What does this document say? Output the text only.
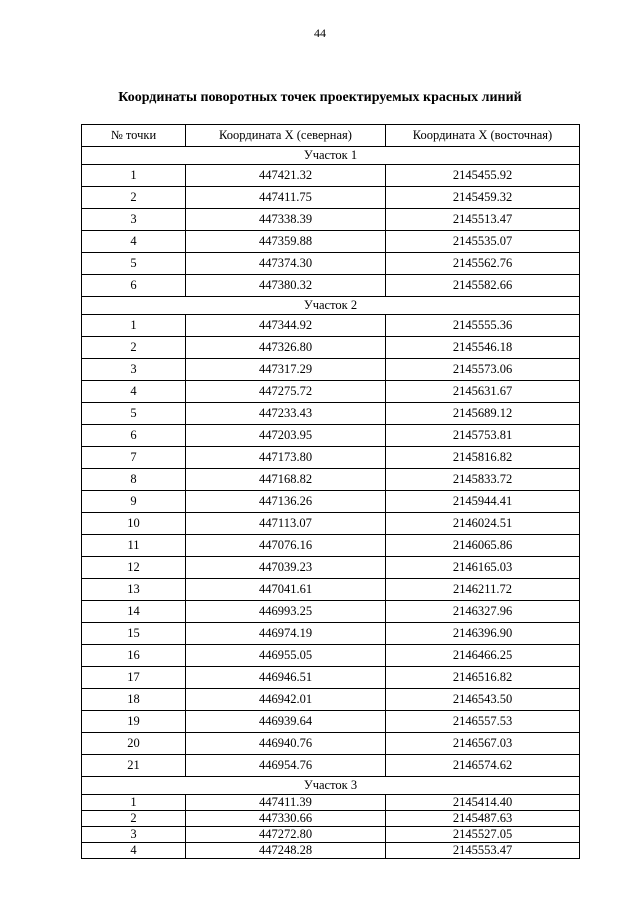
44
Координаты поворотных точек проектируемых красных линий
№ точки	Координата X (северная)	Координата X (восточная)
Участок 1		
1	447421.32	2145455.92
2	447411.75	2145459.32
3	447338.39	2145513.47
4	447359.88	2145535.07
5	447374.30	2145562.76
6	447380.32	2145582.66
Участок 2		
1	447344.92	2145555.36
2	447326.80	2145546.18
3	447317.29	2145573.06
4	447275.72	2145631.67
5	447233.43	2145689.12
6	447203.95	2145753.81
7	447173.80	2145816.82
8	447168.82	2145833.72
9	447136.26	2145944.41
10	447113.07	2146024.51
11	447076.16	2146065.86
12	447039.23	2146165.03
13	447041.61	2146211.72
14	446993.25	2146327.96
15	446974.19	2146396.90
16	446955.05	2146466.25
17	446946.51	2146516.82
18	446942.01	2146543.50
19	446939.64	2146557.53
20	446940.76	2146567.03
21	446954.76	2146574.62
Участок 3		
1	447411.39	2145414.40
2	447330.66	2145487.63
3	447272.80	2145527.05
4	447248.28	2145553.47
